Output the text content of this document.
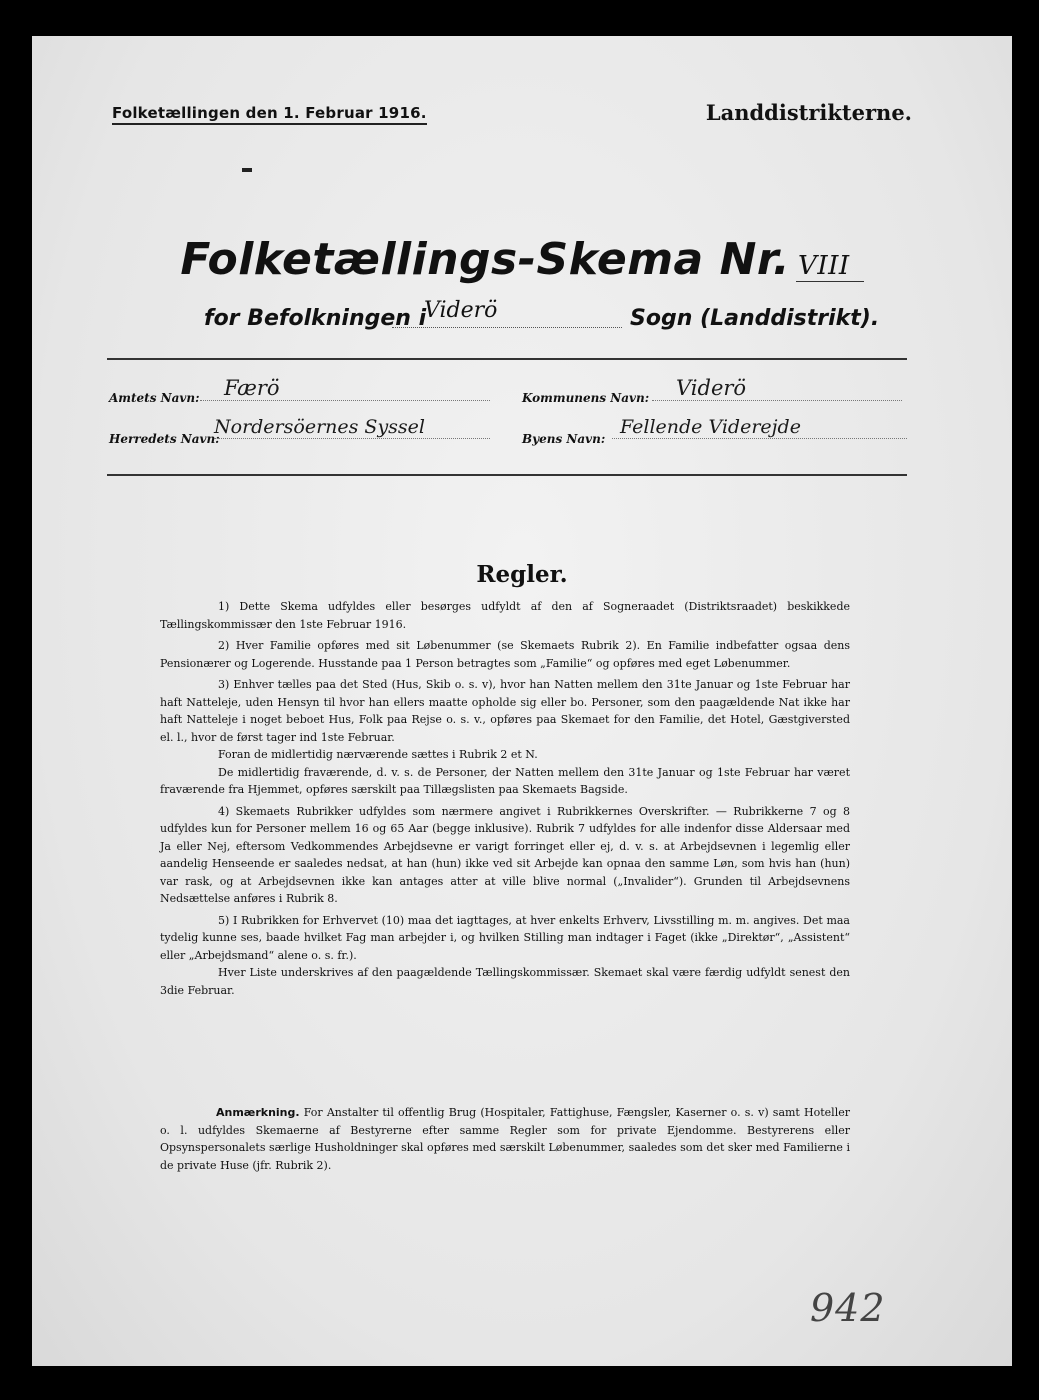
Folketællingen den 1. Februar 1916.	Landdistrikterne.
Folketællings-Skema Nr. VIII
for Befolkningen i
Viderö	Sogn (Landdistrikt).
Amtets Navn:	Færö	Kommunens Navn:	Viderö
Herredets Navn:
Nordersöernes Syssel
Byens Navn:
Fellende Viderejde
Regler.

1) Dette Skema udfyldes eller besørges udfyldt af den af Sogneraadet (Distriktsraadet) beskikkede Tællingskommissær den 1ste Februar 1916.

2) Hver Familie opføres med sit Løbenummer (se Skemaets Rubrik 2). En Familie indbefatter ogsaa dens Pensionærer og Logerende. Husstande paa 1 Person betragtes som „Familie“ og opføres med eget Løbenummer.

3) Enhver tælles paa det Sted (Hus, Skib o. s. v), hvor han Natten mellem den 31te Januar og 1ste Februar har haft Natteleje, uden Hensyn til hvor han ellers maatte opholde sig eller bo. Personer, som den paagældende Nat ikke har haft Natteleje i noget beboet Hus, Folk paa Rejse o. s. v., opføres paa Skemaet for den Familie, det Hotel, Gæstgiversted el. l., hvor de først tager ind 1ste Februar.

Foran de midlertidig nærværende sættes i Rubrik 2 et N.

De midlertidig fraværende, d. v. s. de Personer, der Natten mellem den 31te Januar og 1ste Februar har været fraværende fra Hjemmet, opføres særskilt paa Tillægslisten paa Skemaets Bagside.

4) Skemaets Rubrikker udfyldes som nærmere angivet i Rubrikkernes Overskrifter. — Rubrikkerne 7 og 8 udfyldes kun for Personer mellem 16 og 65 Aar (begge inklusive). Rubrik 7 udfyldes for alle indenfor disse Aldersaar med Ja eller Nej, eftersom Vedkommendes Arbejdsevne er varigt forringet eller ej, d. v. s. at Arbejdsevnen i legemlig eller aandelig Henseende er saaledes nedsat, at han (hun) ikke ved sit Arbejde kan opnaa den samme Løn, som hvis han (hun) var rask, og at Arbejdsevnen ikke kan antages atter at ville blive normal („Invalider“). Grunden til Arbejdsevnens Nedsættelse anføres i Rubrik 8.

5) I Rubrikken for Erhvervet (10) maa det iagttages, at hver enkelts Erhverv, Livsstilling m. m. angives. Det maa tydelig kunne ses, baade hvilket Fag man arbejder i, og hvilken Stilling man indtager i Faget (ikke „Direktør“, „Assistent“ eller „Arbejdsmand“ alene o. s. fr.).

Hver Liste underskrives af den paagældende Tællingskommissær. Skemaet skal være færdig udfyldt senest den 3die Februar.

Anmærkning. For Anstalter til offentlig Brug (Hospitaler, Fattighuse, Fængsler, Kaserner o. s. v) samt Hoteller o. l. udfyldes Skemaerne af Bestyrerne efter samme Regler som for private Ejendomme. Bestyrerens eller Opsynspersonalets særlige Husholdninger skal opføres med særskilt Løbenummer, saaledes som det sker med Familierne i de private Huse (jfr. Rubrik 2).
942
